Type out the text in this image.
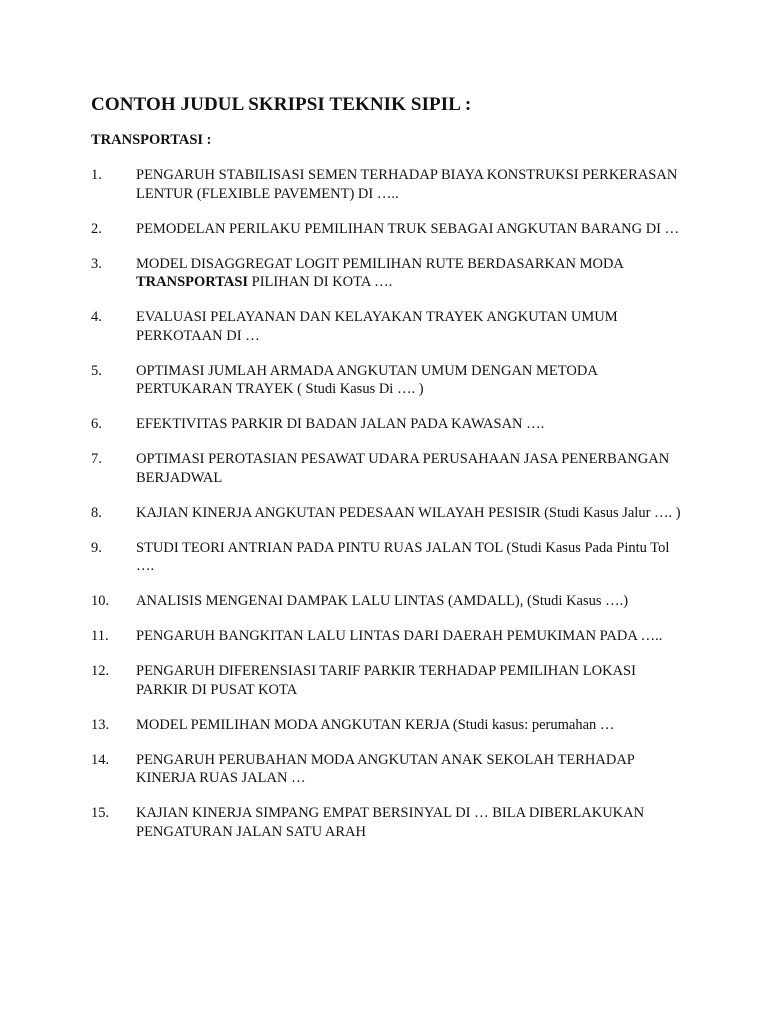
CONTOH JUDUL SKRIPSI TEKNIK SIPIL :
TRANSPORTASI :
1.	PENGARUH STABILISASI SEMEN TERHADAP BIAYA KONSTRUKSI PERKERASAN LENTUR (FLEXIBLE PAVEMENT) DI …..
2.	PEMODELAN PERILAKU PEMILIHAN TRUK SEBAGAI ANGKUTAN BARANG DI …
3.	MODEL DISAGGREGAT LOGIT PEMILIHAN RUTE BERDASARKAN MODA TRANSPORTASI PILIHAN DI KOTA ….
4.	EVALUASI PELAYANAN DAN KELAYAKAN TRAYEK ANGKUTAN UMUM PERKOTAAN DI …
5.	OPTIMASI JUMLAH ARMADA ANGKUTAN UMUM DENGAN METODA PERTUKARAN TRAYEK ( Studi Kasus Di …. )
6.	EFEKTIVITAS PARKIR DI BADAN JALAN PADA KAWASAN ….
7.	OPTIMASI PEROTASIAN PESAWAT UDARA PERUSAHAAN JASA PENERBANGAN BERJADWAL
8.	KAJIAN KINERJA ANGKUTAN PEDESAAN WILAYAH PESISIR (Studi Kasus Jalur …. )
9.	STUDI TEORI ANTRIAN PADA PINTU RUAS JALAN TOL (Studi Kasus Pada Pintu Tol ….
10.	ANALISIS MENGENAI DAMPAK LALU LINTAS (AMDALL), (Studi Kasus ….)
11.	PENGARUH BANGKITAN LALU LINTAS DARI DAERAH PEMUKIMAN PADA …..
12.	PENGARUH DIFERENSIASI TARIF PARKIR TERHADAP PEMILIHAN LOKASI PARKIR DI PUSAT KOTA
13.	MODEL PEMILIHAN MODA ANGKUTAN KERJA (Studi kasus: perumahan …
14.	PENGARUH PERUBAHAN MODA ANGKUTAN ANAK SEKOLAH TERHADAP KINERJA RUAS JALAN …
15.	KAJIAN KINERJA SIMPANG EMPAT BERSINYAL DI … BILA DIBERLAKUKAN PENGATURAN JALAN SATU ARAH
